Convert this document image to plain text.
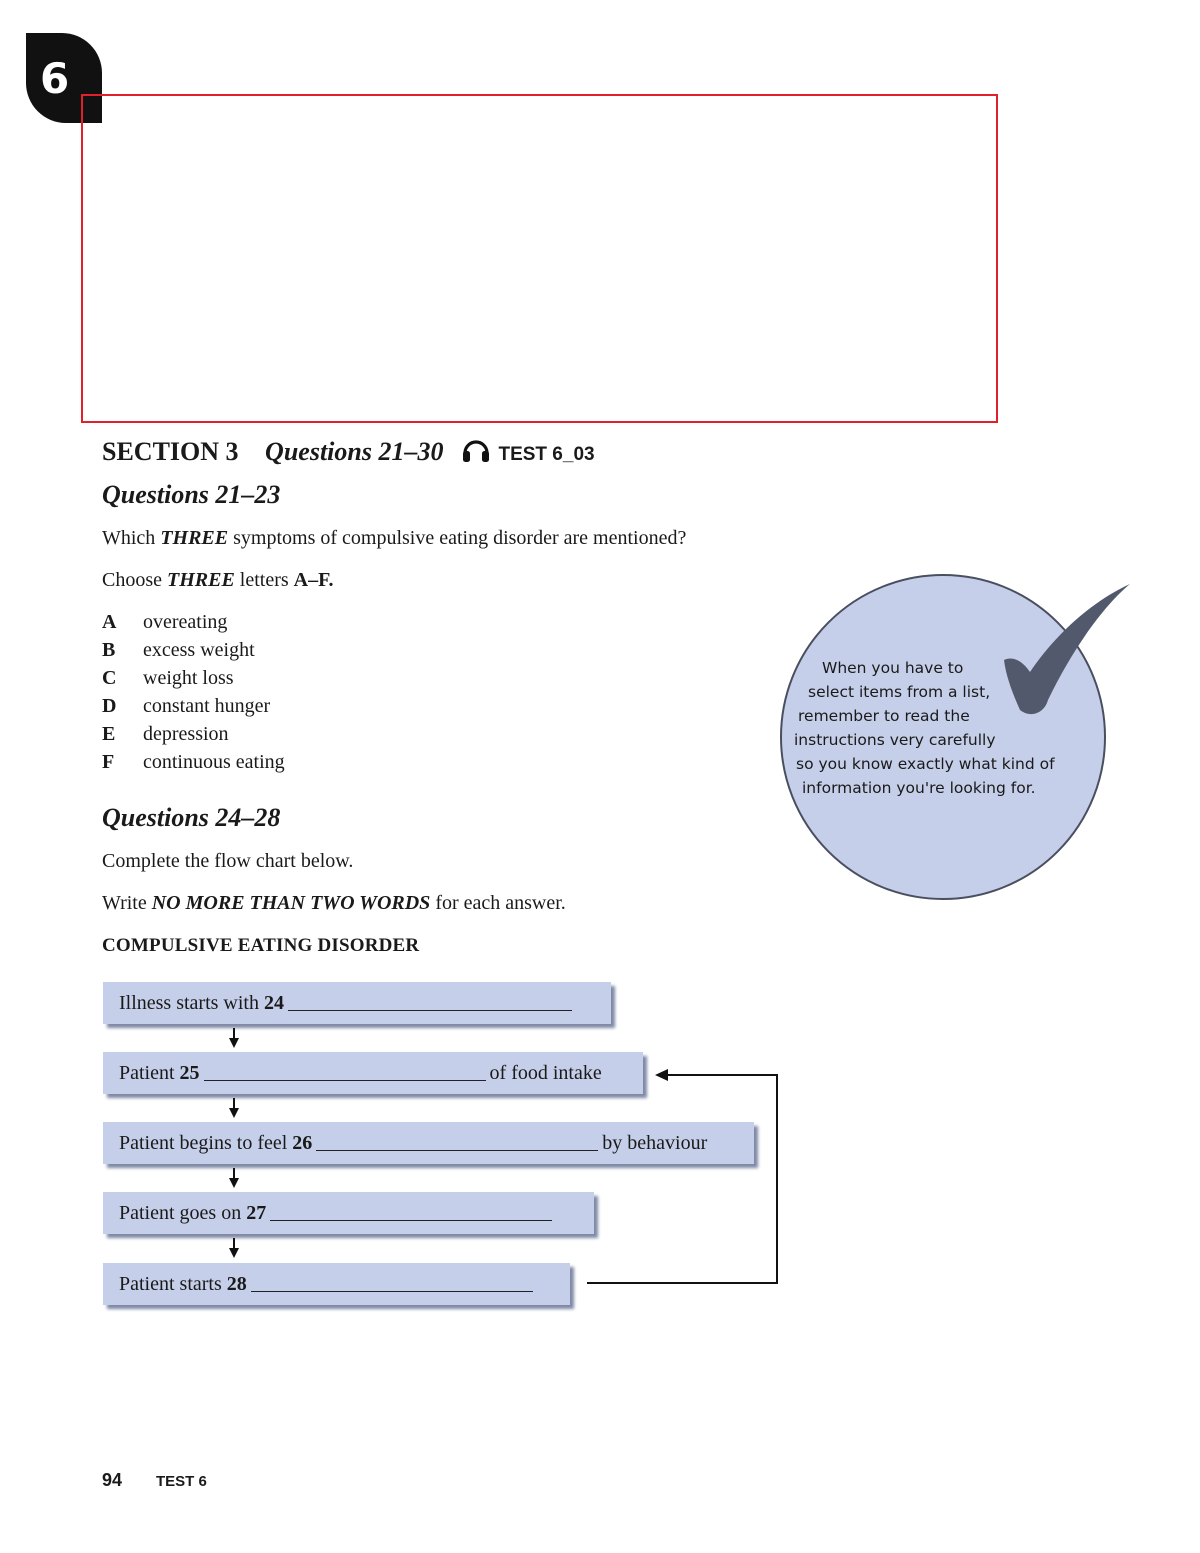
6
SECTION 3 Questions 21–30	TEST 6_03
Questions 21–23
Which THREE symptoms of compulsive eating disorder are mentioned?
Choose THREE letters A–F.
A overeating
B excess weight
C weight loss
D constant hunger
E depression
F continuous eating
Questions 24–28
Complete the flow chart below.
Write NO MORE THAN TWO WORDS for each answer.
COMPULSIVE EATING DISORDER
Illness starts with 24
Patient 25	of food intake
Patient begins to feel 26	by behaviour
Patient goes on 27
Patient starts 28
When you have to
select items from a list,
remember to read the
instructions very carefully
so you know exactly what kind of
information you're looking for.
94 TEST 6
